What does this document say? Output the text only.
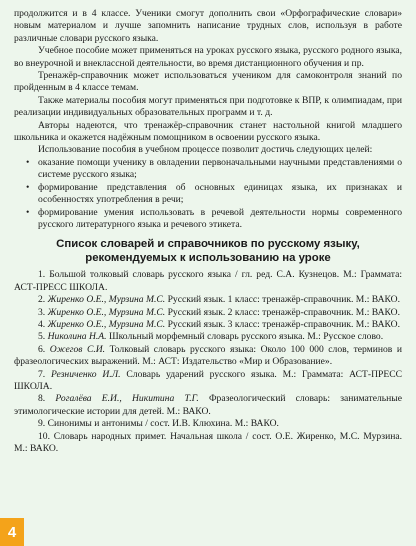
продолжится и в 4 классе. Ученики смогут дополнить свои «Орфографические словари» новым материалом и лучше запомнить написание трудных слов, используя в работе различные словари русского языка.

Учебное пособие может применяться на уроках русского языка, русского родного языка, во внеурочной и внеклассной деятельности, во время дистанционного обучения и пр.

Тренажёр-справочник может использоваться учеником для самоконтроля знаний по пройденным в 4 классе темам.

Также материалы пособия могут применяться при подготовке к ВПР, к олимпиадам, при реализации индивидуальных образовательных программ и т. д.

Авторы надеются, что тренажёр-справочник станет настольной книгой младшего школьника и окажется надёжным помощником в освоении русского языка.

Использование пособия в учебном процессе позволит достичь следующих целей:

• оказание помощи ученику в овладении первоначальными научными представлениями о системе русского языка;
• формирование представления об основных единицах языка, их признаках и особенностях употребления в речи;
• формирование умения использовать в речевой деятельности нормы современного русского литературного языка и речевого этикета.
Список словарей и справочников по русскому языку, рекомендуемых к использованию на уроке

1. Большой толковый словарь русского языка / гл. ред. С.А. Кузнецов. М.: Граммата: АСТ-ПРЕСС ШКОЛА.

2. Жиренко О.Е., Мурзина М.С. Русский язык. 1 класс: тренажёр-справочник. М.: ВАКО.

3. Жиренко О.Е., Мурзина М.С. Русский язык. 2 класс: тренажёр-справочник. М.: ВАКО.

4. Жиренко О.Е., Мурзина М.С. Русский язык. 3 класс: тренажёр-справочник. М.: ВАКО.

5. Николина Н.А. Школьный морфемный словарь русского языка. М.: Русское слово.

6. Ожегов С.И. Толковый словарь русского языка: Около 100 000 слов, терминов и фразеологических выражений. М.: АСТ: Издательство «Мир и Образование».

7. Резниченко И.Л. Словарь ударений русского языка. М.: Граммата: АСТ-ПРЕСС ШКОЛА.

8. Рогалёва Е.И., Никитина Т.Г. Фразеологический словарь: занимательные этимологические истории для детей. М.: ВАКО.

9. Синонимы и антонимы / сост. И.В. Клюхина. М.: ВАКО.

10. Словарь народных примет. Начальная школа / сост. О.Е. Жиренко, М.С. Мурзина. М.: ВАКО.

4
